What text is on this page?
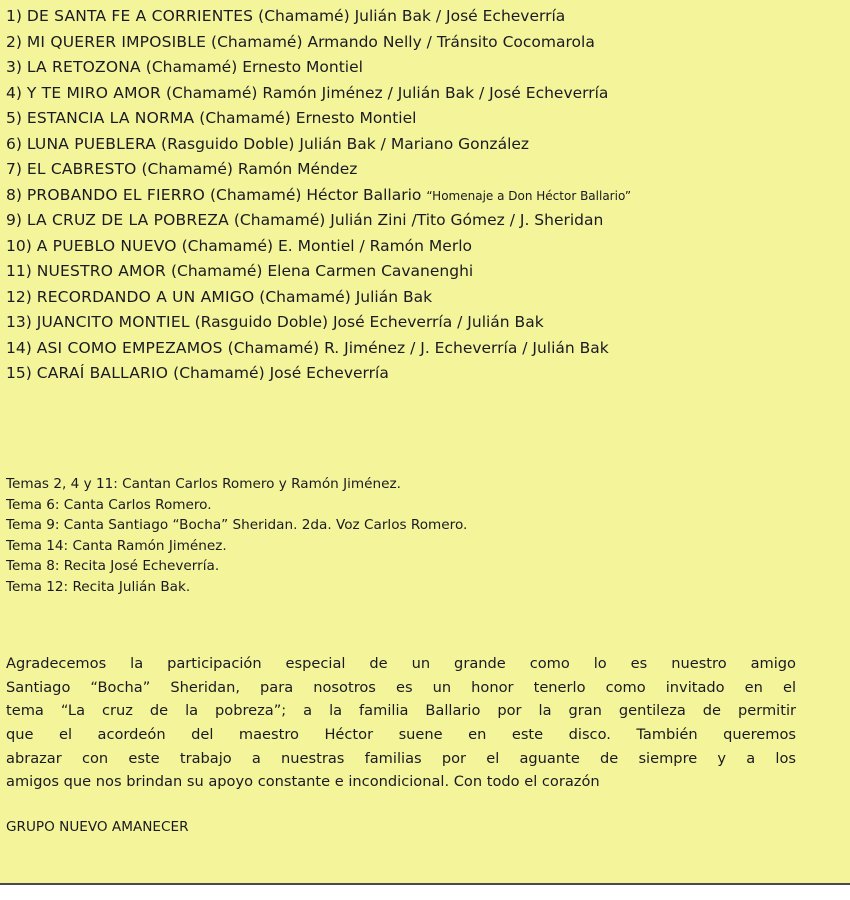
1) DE SANTA FE A CORRIENTES (Chamamé) Julián Bak / José Echeverría
2) MI QUERER IMPOSIBLE (Chamamé) Armando Nelly / Tránsito Cocomarola
3) LA RETOZONA (Chamamé) Ernesto Montiel
4) Y TE MIRO AMOR (Chamamé) Ramón Jiménez / Julián Bak / José Echeverría
5) ESTANCIA LA NORMA (Chamamé) Ernesto Montiel
6) LUNA PUEBLERA (Rasguido Doble) Julián Bak / Mariano González
7) EL CABRESTO (Chamamé) Ramón Méndez
8) PROBANDO EL FIERRO (Chamamé) Héctor Ballario “Homenaje a Don Héctor Ballario”
9) LA CRUZ DE LA POBREZA (Chamamé) Julián Zini /Tito Gómez / J. Sheridan
10) A PUEBLO NUEVO (Chamamé) E. Montiel / Ramón Merlo
11) NUESTRO AMOR (Chamamé) Elena Carmen Cavanenghi
12) RECORDANDO A UN AMIGO (Chamamé) Julián Bak
13) JUANCITO MONTIEL (Rasguido Doble) José Echeverría / Julián Bak
14) ASI COMO EMPEZAMOS (Chamamé) R. Jiménez / J. Echeverría / Julián Bak
15) CARAÍ BALLARIO (Chamamé) José Echeverría
Temas 2, 4 y 11: Cantan Carlos Romero y Ramón Jiménez.
Tema 6: Canta Carlos Romero.
Tema 9: Canta Santiago “Bocha” Sheridan. 2da. Voz Carlos Romero.
Tema 14: Canta Ramón Jiménez.
Tema 8: Recita José Echeverría.
Tema 12: Recita Julián Bak.
Agradecemos la participación especial de un grande como lo es nuestro amigo
Santiago “Bocha” Sheridan, para nosotros es un honor tenerlo como invitado en el
tema “La cruz de la pobreza”; a la familia Ballario por la gran gentileza de permitir
que el acordeón del maestro Héctor suene en este disco. También queremos
abrazar con este trabajo a nuestras familias por el aguante de siempre y a los
amigos que nos brindan su apoyo constante e incondicional. Con todo el corazón
GRUPO NUEVO AMANECER
